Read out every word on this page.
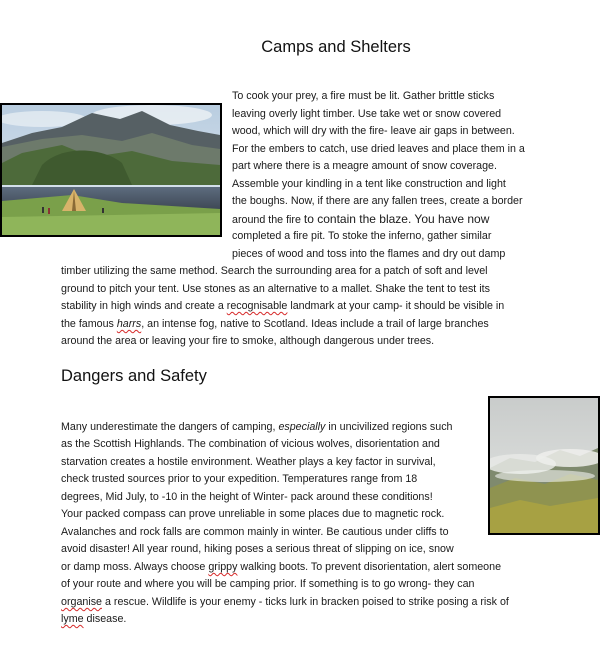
Camps and Shelters
To cook your prey, a fire must be lit. Gather brittle sticks
leaving overly light timber. Use take wet or snow covered
wood, which will dry with the fire- leave air gaps in between.
For the embers to catch, use dried leaves and place them in a
part where there is a meagre amount of snow coverage.
Assemble your kindling in a tent like construction and light
the boughs. Now, if there are any fallen trees, create a border
around the fire to contain the blaze. You have now
completed a fire pit. To stoke the inferno, gather similar
pieces of wood and toss into the flames and dry out damp
timber utilizing the same method. Search the surrounding area for a patch of soft and level
ground to pitch your tent. Use stones as an alternative to a mallet. Shake the tent to test its
stability in high winds and create a recognisable landmark at your camp- it should be visible in
the famous harrs, an intense fog, native to Scotland. Ideas include a trail of large branches
around the area or leaving your fire to smoke, although dangerous under trees.
Dangers and Safety
Many underestimate the dangers of camping, especially in uncivilized regions such
as the Scottish Highlands. The combination of vicious wolves, disorientation and
starvation creates a hostile environment. Weather plays a key factor in survival,
check trusted sources prior to your expedition. Temperatures range from 18
degrees, Mid July, to -10 in the height of Winter- pack around these conditions!
Your packed compass can prove unreliable in some places due to magnetic rock.
Avalanches and rock falls are common mainly in winter. Be cautious under cliffs to
avoid disaster! All year round, hiking poses a serious threat of slipping on ice, snow
or damp moss. Always choose grippy walking boots. To prevent disorientation, alert someone
of your route and where you will be camping prior. If something is to go wrong- they can
organise a rescue. Wildlife is your enemy - ticks lurk in bracken poised to strike posing a risk of
lyme disease.
